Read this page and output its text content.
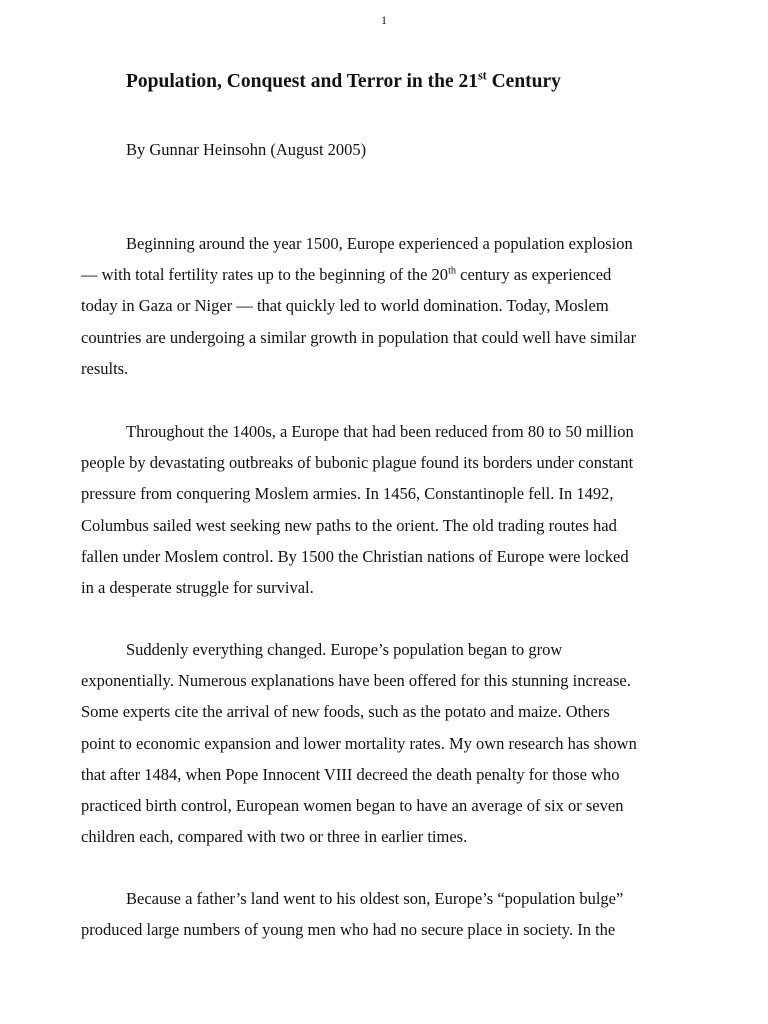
1
Population, Conquest and Terror in the 21st Century
By Gunnar Heinsohn (August 2005)

Beginning around the year 1500, Europe experienced a population explosion
— with total fertility rates up to the beginning of the 20th century as experienced
today in Gaza or Niger — that quickly led to world domination. Today, Moslem
countries are undergoing a similar growth in population that could well have similar
results.

Throughout the 1400s, a Europe that had been reduced from 80 to 50 million
people by devastating outbreaks of bubonic plague found its borders under constant
pressure from conquering Moslem armies. In 1456, Constantinople fell. In 1492,
Columbus sailed west seeking new paths to the orient. The old trading routes had
fallen under Moslem control. By 1500 the Christian nations of Europe were locked
in a desperate struggle for survival.

Suddenly everything changed. Europe’s population began to grow
exponentially. Numerous explanations have been offered for this stunning increase.
Some experts cite the arrival of new foods, such as the potato and maize. Others
point to economic expansion and lower mortality rates. My own research has shown
that after 1484, when Pope Innocent VIII decreed the death penalty for those who
practiced birth control, European women began to have an average of six or seven
children each, compared with two or three in earlier times.

Because a father’s land went to his oldest son, Europe’s “population bulge”
produced large numbers of young men who had no secure place in society. In the
